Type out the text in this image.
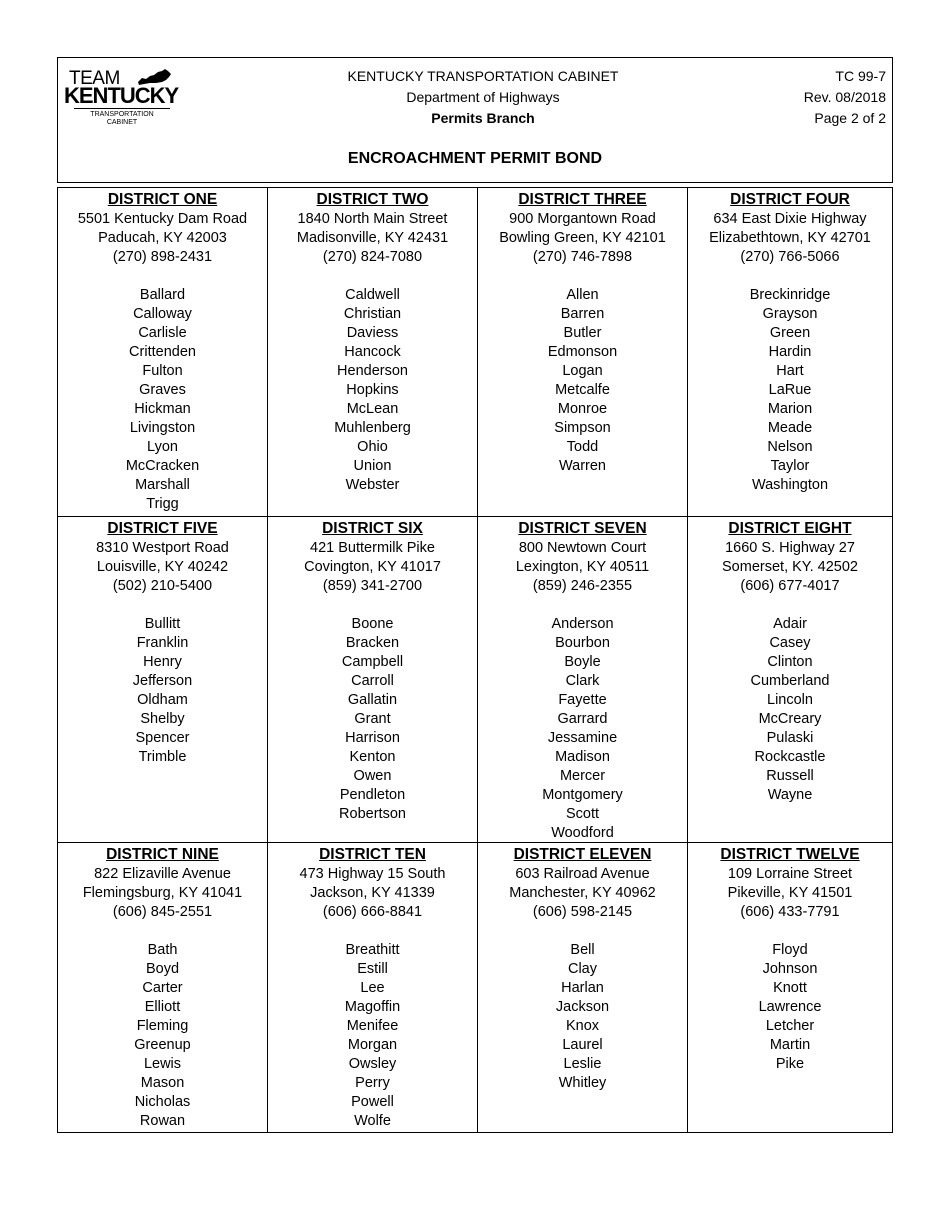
TEAM
KENTUCKY
TRANSPORTATION
CABINET
KENTUCKY TRANSPORTATION CABINET
Department of Highways
Permits Branch
TC 99-7
Rev. 08/2018
Page 2 of 2
ENCROACHMENT PERMIT BOND
DISTRICT ONE
5501 Kentucky Dam Road
Paducah, KY 42003
(270) 898-2431
Ballard
Calloway
Carlisle
Crittenden
Fulton
Graves
Hickman
Livingston
Lyon
McCracken
Marshall
Trigg
DISTRICT TWO
1840 North Main Street
Madisonville, KY 42431
(270) 824-7080
Caldwell
Christian
Daviess
Hancock
Henderson
Hopkins
McLean
Muhlenberg
Ohio
Union
Webster
DISTRICT THREE
900 Morgantown Road
Bowling Green, KY 42101
(270) 746-7898
Allen
Barren
Butler
Edmonson
Logan
Metcalfe
Monroe
Simpson
Todd
Warren
DISTRICT FOUR
634 East Dixie Highway
Elizabethtown, KY 42701
(270) 766-5066
Breckinridge
Grayson
Green
Hardin
Hart
LaRue
Marion
Meade
Nelson
Taylor
Washington
DISTRICT FIVE
8310 Westport Road
Louisville, KY 40242
(502) 210-5400
Bullitt
Franklin
Henry
Jefferson
Oldham
Shelby
Spencer
Trimble
DISTRICT SIX
421 Buttermilk Pike
Covington, KY 41017
(859) 341-2700
Boone
Bracken
Campbell
Carroll
Gallatin
Grant
Harrison
Kenton
Owen
Pendleton
Robertson
DISTRICT SEVEN
800 Newtown Court
Lexington, KY 40511
(859) 246-2355
Anderson
Bourbon
Boyle
Clark
Fayette
Garrard
Jessamine
Madison
Mercer
Montgomery
Scott
Woodford
DISTRICT EIGHT
1660 S. Highway 27
Somerset, KY. 42502
(606) 677-4017
Adair
Casey
Clinton
Cumberland
Lincoln
McCreary
Pulaski
Rockcastle
Russell
Wayne
DISTRICT NINE
822 Elizaville Avenue
Flemingsburg, KY 41041
(606) 845-2551
Bath
Boyd
Carter
Elliott
Fleming
Greenup
Lewis
Mason
Nicholas
Rowan
DISTRICT TEN
473 Highway 15 South
Jackson, KY 41339
(606) 666-8841
Breathitt
Estill
Lee
Magoffin
Menifee
Morgan
Owsley
Perry
Powell
Wolfe
DISTRICT ELEVEN
603 Railroad Avenue
Manchester, KY 40962
(606) 598-2145
Bell
Clay
Harlan
Jackson
Knox
Laurel
Leslie
Whitley
DISTRICT TWELVE
109 Lorraine Street
Pikeville, KY 41501
(606) 433-7791
Floyd
Johnson
Knott
Lawrence
Letcher
Martin
Pike
